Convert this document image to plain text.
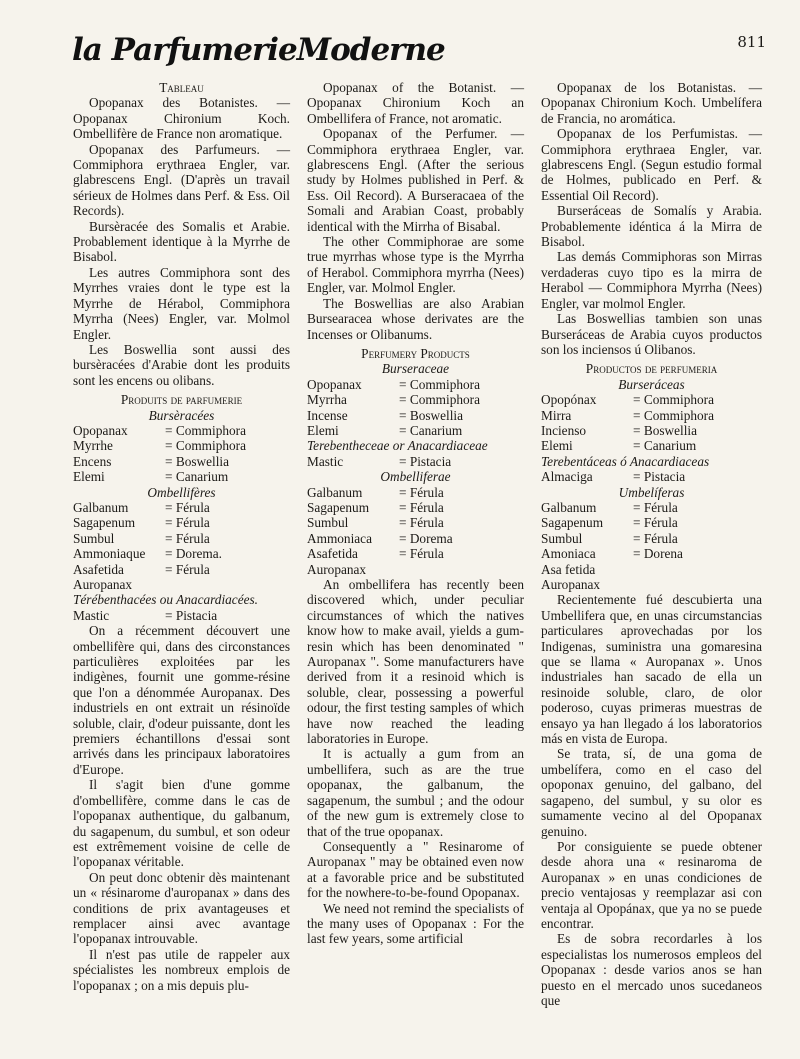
la ParfumerieModerne	811
Tableau

Opopanax des Botanistes. — Opopanax Chironium Koch. Ombellifère de France non aromatique.

Opopanax des Parfumeurs. — Commiphora erythraea Engler, var. glabrescens Engl. (D'après un travail sérieux de Holmes dans Perf. & Ess. Oil Records).

Bursèracée des Somalis et Arabie. Probablement identique à la Myrrhe de Bisabol.

Les autres Commiphora sont des Myrrhes vraies dont le type est la Myrrhe de Hérabol, Commiphora Myrrha (Nees) Engler, var. Molmol Engler.

Les Boswellia sont aussi des bursèracées d'Arabie dont les produits sont les encens ou olibans.

Produits de parfumerie
Bursèracées
Opopanax	= Commiphora
Myrrhe	= Commiphora
Encens	= Boswellia
Elemi	= Canarium
Ombellifères
Galbanum	= Férula
Sagapenum	= Férula
Sumbul	= Férula
Ammoniaque	= Dorema.
Asafetida	= Férula
Auropanax	
Térébenthacées ou Anacardiacées.
Mastic	= Pistacia

On a récemment découvert une ombellifère qui, dans des circonstances particulières exploitées par les indigènes, fournit une gomme-résine que l'on a dénommée Auropanax. Des industriels en ont extrait un résinoïde soluble, clair, d'odeur puissante, dont les premiers échantillons d'essai sont arrivés dans les principaux laboratoires d'Europe.

Il s'agit bien d'une gomme d'ombellifère, comme dans le cas de l'opopanax authentique, du galbanum, du sagapenum, du sumbul, et son odeur est extrêmement voisine de celle de l'opopanax véritable.

On peut donc obtenir dès maintenant un « résinarome d'auropanax » dans des conditions de prix avantageuses et remplacer ainsi avec avantage l'opopanax introuvable.

Il n'est pas utile de rappeler aux spécialistes les nombreux emplois de l'opopanax ; on a mis depuis plu-

Opopanax of the Botanist. — Opopanax Chironium Koch an Ombellifera of France, not aromatic.

Opopanax of the Perfumer. — Commiphora erythraea Engler, var. glabrescens Engl. (After the serious study by Holmes published in Perf. & Ess. Oil Record). A Burseracaea of the Somali and Arabian Coast, probably identical with the Mirrha of Bisabal.

The other Commiphorae are some true myrrhas whose type is the Myrrha of Herabol. Commiphora myrrha (Nees) Engler, var. Molmol Engler.

The Boswellias are also Arabian Bursearacea whose derivates are the Incenses or Olibanums.

Perfumery Products
Burseraceae
Opopanax	= Commiphora
Myrrha	= Commiphora
Incense	= Boswellia
Elemi	= Canarium
Terebentheceae or Anacardiaceae
Mastic	= Pistacia
Ombelliferae
Galbanum	= Férula
Sagapenum	= Férula
Sumbul	= Férula
Ammoniaca	= Dorema
Asafetida	= Férula
Auropanax	

An ombellifera has recently been discovered which, under peculiar circumstances of which the natives know how to make avail, yields a gum-resin which has been denominated " Auropanax ". Some manufacturers have derived from it a resinoid which is soluble, clear, possessing a powerful odour, the first testing samples of which have now reached the leading laboratories in Europe.

It is actually a gum from an umbellifera, such as are the true opopanax, the galbanum, the sagapenum, the sumbul ; and the odour of the new gum is extremely close to that of the true opopanax.

Consequently a " Resinarome of Auropanax " may be obtained even now at a favorable price and be substituted for the nowhere-to-be-found Opopanax.

We need not remind the specialists of the many uses of Opopanax : For the last few years, some artificial

Opopanax de los Botanistas. — Opopanax Chironium Koch. Umbelífera de Francia, no aromática.

Opopanax de los Perfumistas. — Commiphora erythraea Engler, var. glabrescens Engl. (Segun estudio formal de Holmes, publicado en Perf. & Essential Oil Record).

Burseráceas de Somalís y Arabia. Probablemente idéntica á la Mirra de Bisabol.

Las demás Commiphoras son Mirras verdaderas cuyo tipo es la mirra de Herabol — Commiphora Myrrha (Nees) Engler, var molmol Engler.

Las Boswellias tambien son unas Burseráceas de Arabia cuyos productos son los inciensos ú Olibanos.

Productos de perfumeria
Burseráceas
Opopónax	= Commiphora
Mirra	= Commiphora
Incienso	= Boswellia
Elemi	= Canarium
Terebentáceas ó Anacardiaceas
Almaciga	= Pistacia
Umbelíferas
Galbanum	= Férula
Sagapenum	= Férula
Sumbul	= Férula
Amoniaca	= Dorena
Asa fetida	
Auropanax	

Recientemente fué descubierta una Umbellifera que, en unas circumstancias particulares aprovechadas por los Indigenas, suministra una gomaresina que se llama « Auropanax ». Unos industriales han sacado de ella un resinoide soluble, claro, de olor poderoso, cuyas primeras muestras de ensayo ya han llegado á los laboratorios más en vista de Europa.

Se trata, sí, de una goma de umbelífera, como en el caso del opoponax genuino, del galbano, del sagapeno, del sumbul, y su olor es sumamente vecino al del Opopanax genuino.

Por consiguiente se puede obtener desde ahora una « resinaroma de Auropanax » en unas condiciones de precio ventajosas y reemplazar asi con ventaja al Opopánax, que ya no se puede encontrar.

Es de sobra recordarles à los especialistas los numerosos empleos del Opopanax : desde varios anos se han puesto en el mercado unos sucedaneos que
